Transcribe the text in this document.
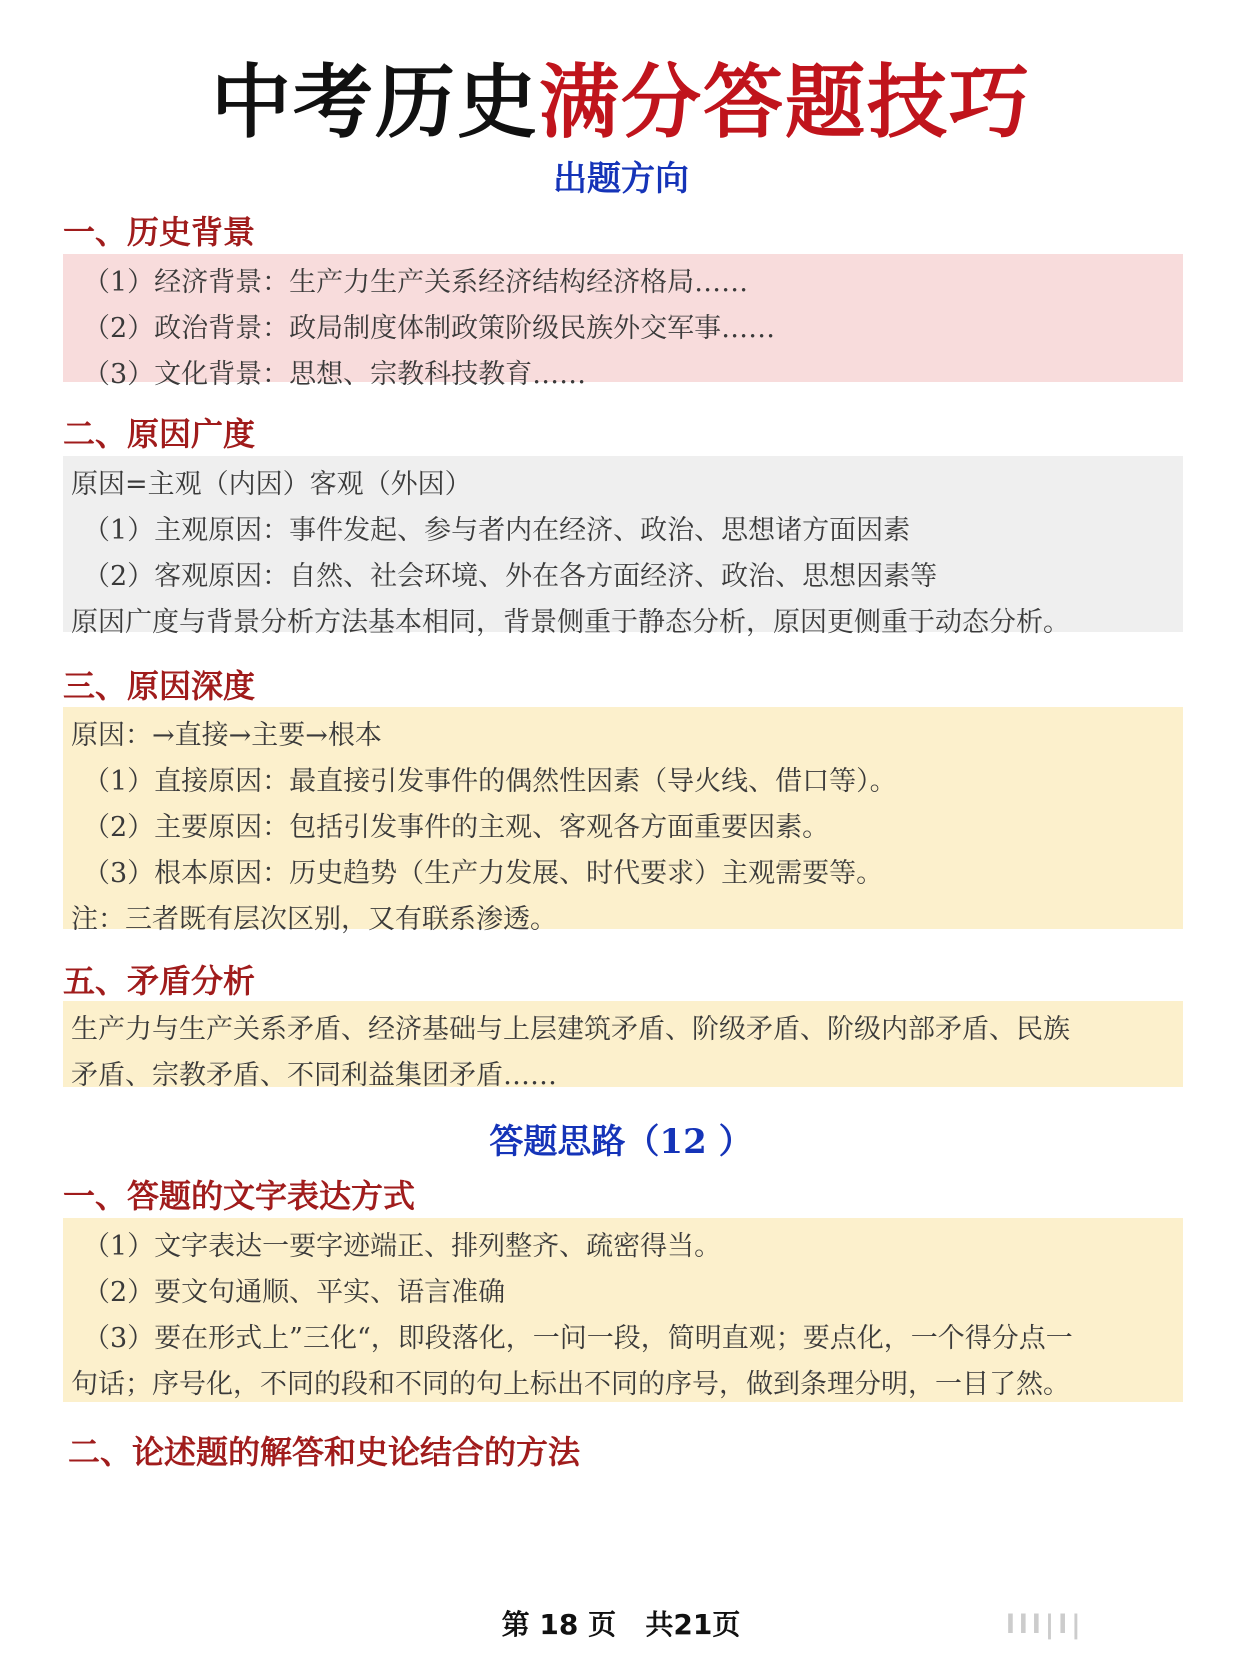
中考历史满分答题技巧
出题方向
一、历史背景
（1）经济背景：生产力生产关系经济结构经济格局……
（2）政治背景：政局制度体制政策阶级民族外交军事……
（3）文化背景：思想、宗教科技教育……
二、原因广度
原因=主观（内因）客观（外因）
（1）主观原因：事件发起、参与者内在经济、政治、思想诸方面因素
（2）客观原因：自然、社会环境、外在各方面经济、政治、思想因素等
原因广度与背景分析方法基本相同，背景侧重于静态分析，原因更侧重于动态分析。
三、原因深度
原因：→直接→主要→根本
（1）直接原因：最直接引发事件的偶然性因素（导火线、借口等）。
（2）主要原因：包括引发事件的主观、客观各方面重要因素。
（3）根本原因：历史趋势（生产力发展、时代要求）主观需要等。
注：三者既有层次区别，又有联系渗透。
五、矛盾分析
生产力与生产关系矛盾、经济基础与上层建筑矛盾、阶级矛盾、阶级内部矛盾、民族
矛盾、宗教矛盾、不同利益集团矛盾……
答题思路（12 ）
一、答题的文字表达方式
（1）文字表达一要字迹端正、排列整齐、疏密得当。
（2）要文句通顺、平实、语言准确
（3）要在形式上”三化“，即段落化，一问一段，简明直观；要点化，一个得分点一
句话；序号化，不同的段和不同的句上标出不同的序号，做到条理分明，一目了然。
二、论述题的解答和史论结合的方法
第 18 页 共21页	lll|l|
